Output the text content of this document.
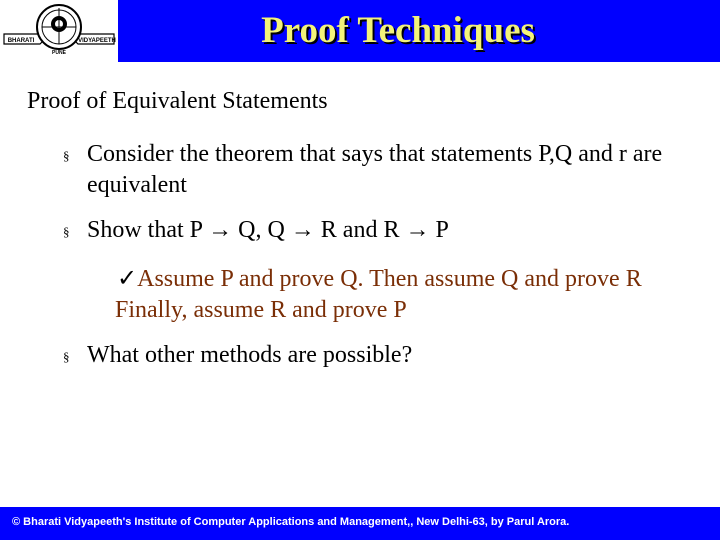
BHARATI	VIDYAPEETH
PUNE
Proof Techniques
Proof of Equivalent Statements
§ Consider the theorem that says that statements P,Q and r are equivalent
§ Show that P → Q, Q → R and R → P
✓Assume P and prove Q. Then assume Q and prove R Finally, assume R and prove P
§ What other methods are possible?
© Bharati Vidyapeeth's Institute of Computer Applications and Management,, New Delhi-63, by Parul Arora.
